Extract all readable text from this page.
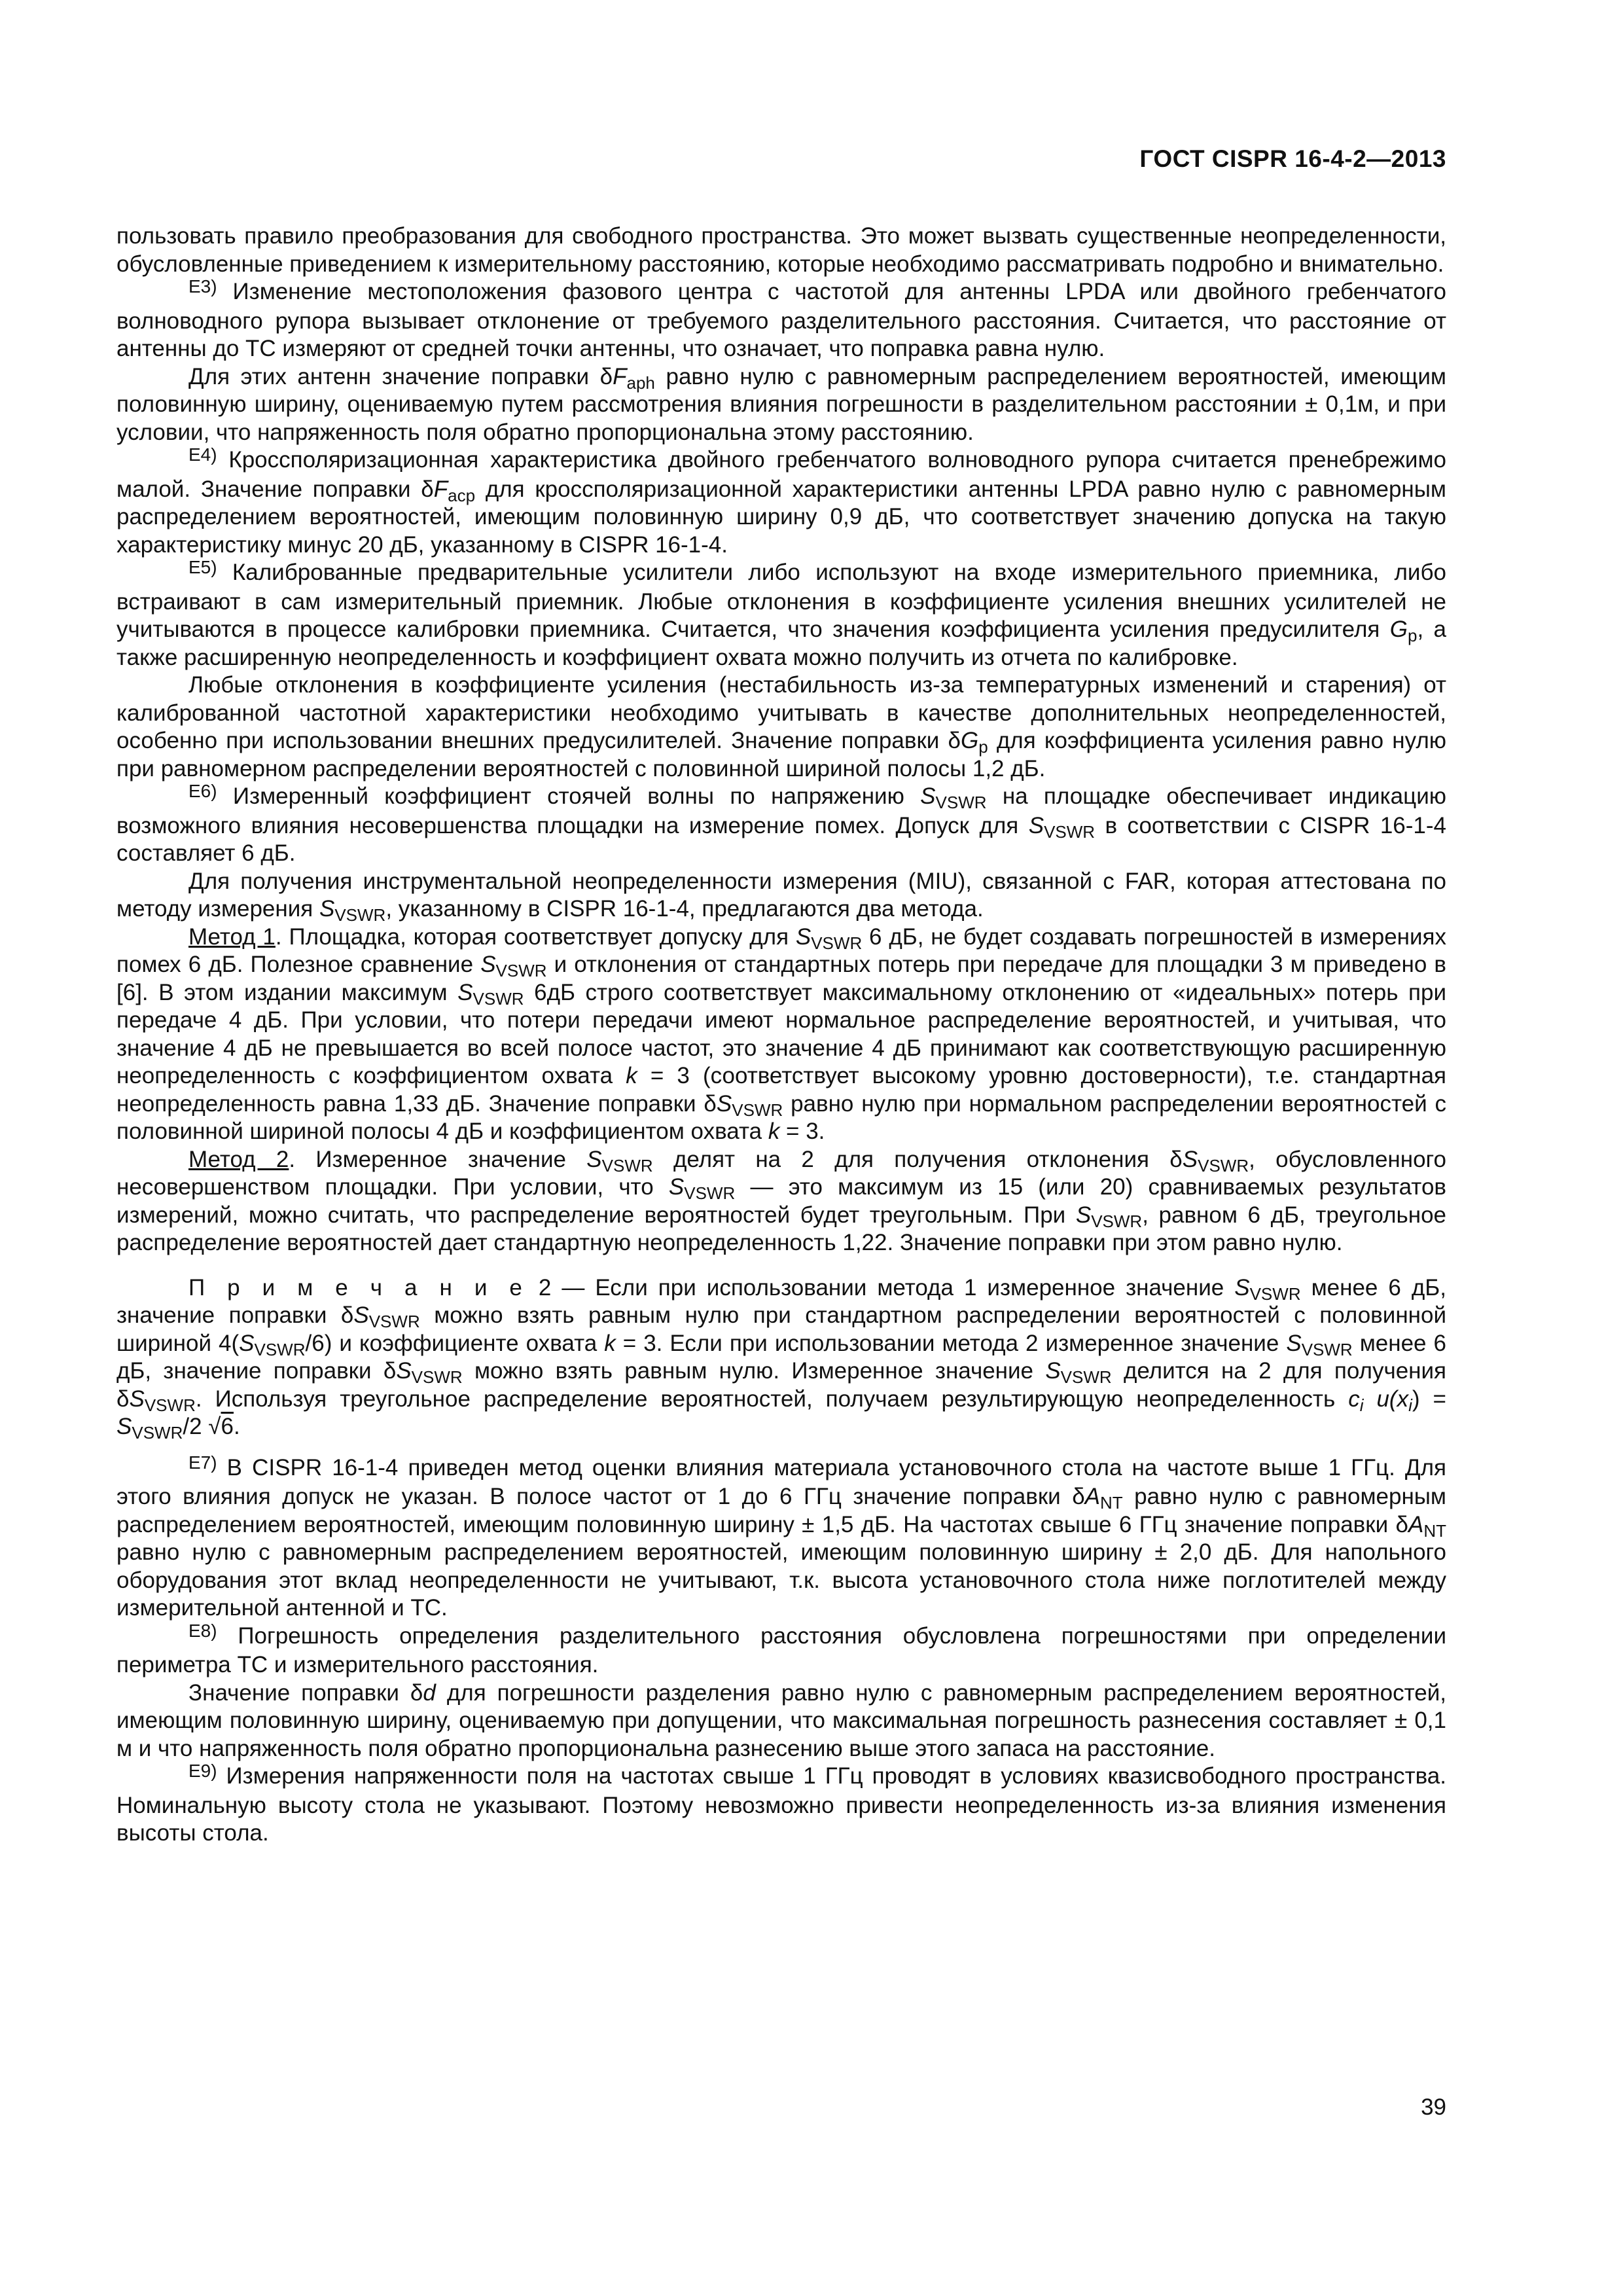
ГОСТ CISPR 16-4-2—2013

пользовать правило преобразования для свободного пространства. Это может вызвать существенные неопределенности, обусловленные приведением к измерительному расстоянию, которые необходимо рассматривать подробно и внимательно.

$^{E3)}$ Изменение местоположения фазового центра с частотой для антенны LPDA или двойного гребенчатого волноводного рупора вызывает отклонение от требуемого разделительного расстояния. Считается, что расстояние от антенны до ТС измеряют от средней точки антенны, что означает, что поправка равна нулю.

Для этих антенн значение поправки $\delta F_{aph}$ равно нулю с равномерным распределением вероятностей, имеющим половинную ширину, оцениваемую путем рассмотрения влияния погрешности в разделительном расстоянии ± 0,1м, и при условии, что напряженность поля обратно пропорциональна этому расстоянию.

$^{E4)}$ Кроссполяризационная характеристика двойного гребенчатого волноводного рупора считается пренебрежимо малой. Значение поправки $\delta F_{acp}$ для кроссполяризационной характеристики антенны LPDA равно нулю с равномерным распределением вероятностей, имеющим половинную ширину 0,9 дБ, что соответствует значению допуска на такую характеристику минус 20 дБ, указанному в CISPR 16-1-4.

$^{E5)}$ Калиброванные предварительные усилители либо используют на входе измерительного приемника, либо встраивают в сам измерительный приемник. Любые отклонения в коэффициенте усиления внешних усилителей не учитываются в процессе калибровки приемника. Считается, что значения коэффициента усиления предусилителя $G_p$, а также расширенную неопределенность и коэффициент охвата можно получить из отчета по калибровке.

Любые отклонения в коэффициенте усиления (нестабильность из-за температурных изменений и старения) от калиброванной частотной характеристики необходимо учитывать в качестве дополнительных неопределенностей, особенно при использовании внешних предусилителей. Значение поправки $\delta G_p$ для коэффициента усиления равно нулю при равномерном распределении вероятностей с половинной шириной полосы 1,2 дБ.

$^{E6)}$ Измеренный коэффициент стоячей волны по напряжению $S_{VSWR}$ на площадке обеспечивает индикацию возможного влияния несовершенства площадки на измерение помех. Допуск для $S_{VSWR}$ в соответствии с CISPR 16-1-4 составляет 6 дБ.

Для получения инструментальной неопределенности измерения (MIU), связанной с FAR, которая аттестована по методу измерения $S_{VSWR}$, указанному в CISPR 16-1-4, предлагаются два метода.

Метод 1. Площадка, которая соответствует допуску для $S_{VSWR}$ 6 дБ, не будет создавать погрешностей в измерениях помех 6 дБ. Полезное сравнение $S_{VSWR}$ и отклонения от стандартных потерь при передаче для площадки 3 м приведено в [6]. В этом издании максимум $S_{VSWR}$ 6дБ строго соответствует максимальному отклонению от «идеальных» потерь при передаче 4 дБ. При условии, что потери передачи имеют нормальное распределение вероятностей, и учитывая, что значение 4 дБ не превышается во всей полосе частот, это значение 4 дБ принимают как соответствующую расширенную неопределенность с коэффициентом охвата k = 3 (соответствует высокому уровню достоверности), т.е. стандартная неопределенность равна 1,33 дБ. Значение поправки $\delta S_{VSWR}$ равно нулю при нормальном распределении вероятностей с половинной шириной полосы 4 дБ и коэффициентом охвата k = 3.

Метод 2. Измеренное значение $S_{VSWR}$ делят на 2 для получения отклонения $\delta S_{VSWR}$, обусловленного несовершенством площадки. При условии, что $S_{VSWR}$ — это максимум из 15 (или 20) сравниваемых результатов измерений, можно считать, что распределение вероятностей будет треугольным. При $S_{VSWR}$, равном 6 дБ, треугольное распределение вероятностей дает стандартную неопределенность 1,22. Значение поправки при этом равно нулю.

П р и м е ч а н и е 2 — Если при использовании метода 1 измеренное значение $S_{VSWR}$ менее 6 дБ, значение поправки $\delta S_{VSWR}$ можно взять равным нулю при стандартном распределении вероятностей с половинной шириной $4(S_{VSWR}/6)$ и коэффициенте охвата k = 3. Если при использовании метода 2 измеренное значение $S_{VSWR}$ менее 6 дБ, значение поправки $\delta S_{VSWR}$ можно взять равным нулю. Измеренное значение $S_{VSWR}$ делится на 2 для получения $\delta S_{VSWR}$. Используя треугольное распределение вероятностей, получаем результирующую неопределенность $c_i$ $u(x_i) = S_{VSWR}/2$ √6.

$^{E7)}$ В CISPR 16-1-4 приведен метод оценки влияния материала установочного стола на частоте выше 1 ГГц. Для этого влияния допуск не указан. В полосе частот от 1 до 6 ГГц значение поправки $\delta A_{NT}$ равно нулю с равномерным распределением вероятностей, имеющим половинную ширину ± 1,5 дБ. На частотах свыше 6 ГГц значение поправки $\delta A_{NT}$ равно нулю с равномерным распределением вероятностей, имеющим половинную ширину ± 2,0 дБ. Для напольного оборудования этот вклад неопределенности не учитывают, т.к. высота установочного стола ниже поглотителей между измерительной антенной и ТС.

$^{E8)}$ Погрешность определения разделительного расстояния обусловлена погрешностями при определении периметра ТС и измерительного расстояния.

Значение поправки δd для погрешности разделения равно нулю с равномерным распределением вероятностей, имеющим половинную ширину, оцениваемую при допущении, что максимальная погрешность разнесения составляет ± 0,1 м и что напряженность поля обратно пропорциональна разнесению выше этого запаса на расстояние.

$^{E9)}$ Измерения напряженности поля на частотах свыше 1 ГГц проводят в условиях квазисвободного пространства. Номинальную высоту стола не указывают. Поэтому невозможно привести неопределенность из-за влияния изменения высоты стола.

39
